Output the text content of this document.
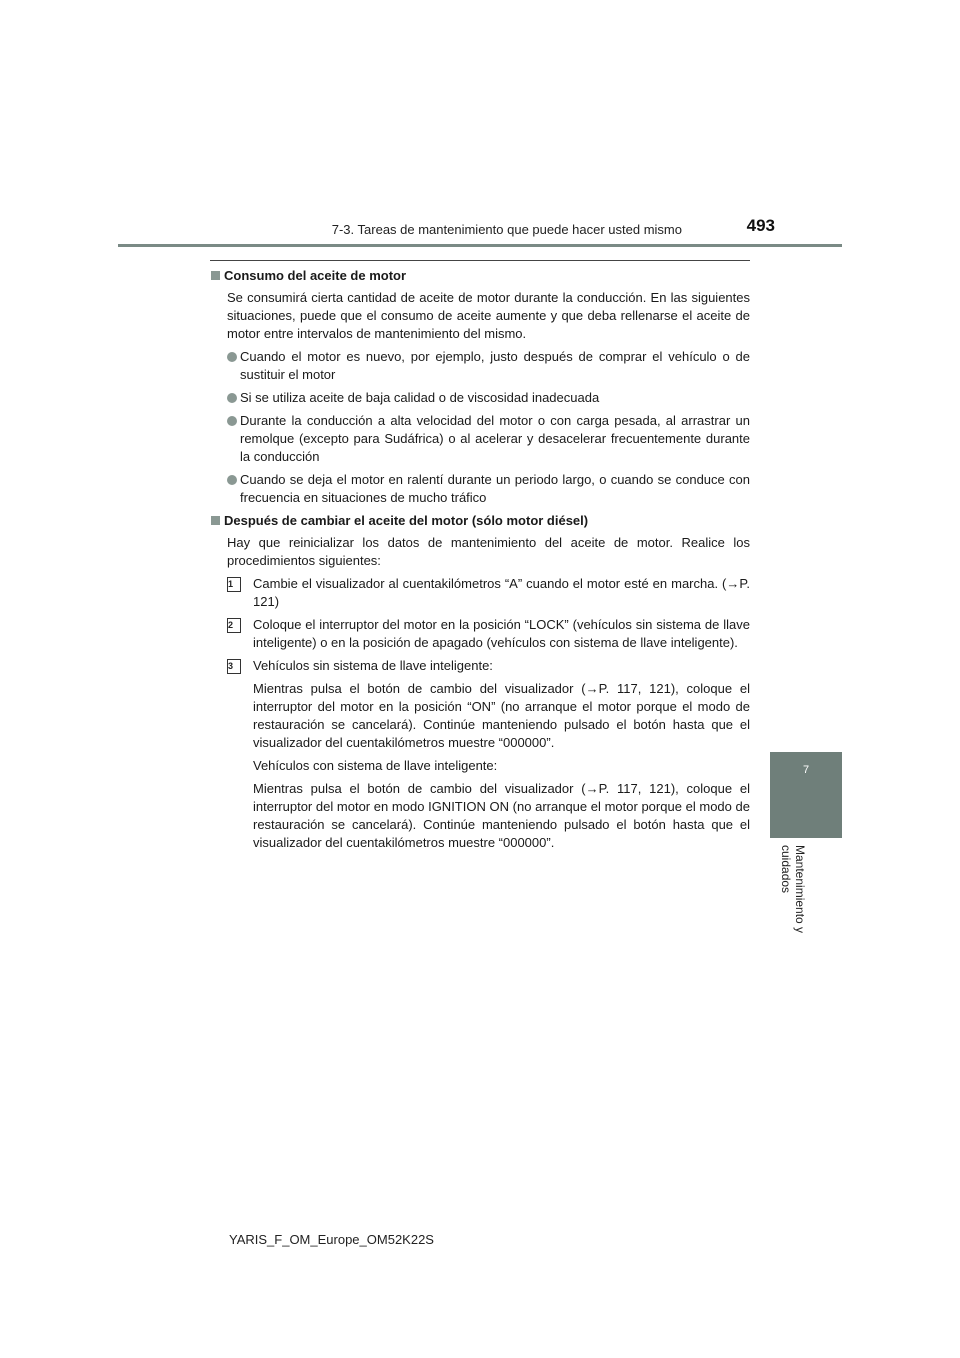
7-3. Tareas de mantenimiento que puede hacer usted mismo	493
7
Mantenimiento y cuidados
Consumo del aceite de motor

Se consumirá cierta cantidad de aceite de motor durante la conducción. En las siguientes situaciones, puede que el consumo de aceite aumente y que deba rellenarse el aceite de motor entre intervalos de mantenimiento del mismo.

Cuando el motor es nuevo, por ejemplo, justo después de comprar el vehículo o de sustituir el motor
Si se utiliza aceite de baja calidad o de viscosidad inadecuada
Durante la conducción a alta velocidad del motor o con carga pesada, al arrastrar un remolque (excepto para Sudáfrica) o al acelerar y desacelerar frecuentemente durante la conducción
Cuando se deja el motor en ralentí durante un periodo largo, o cuando se conduce con frecuencia en situaciones de mucho tráfico
Después de cambiar el aceite del motor (sólo motor diésel)

Hay que reinicializar los datos de mantenimiento del aceite de motor. Realice los procedimientos siguientes:

1	Cambie el visualizador al cuentakilómetros “A” cuando el motor esté en marcha. (→P. 121)
2	Coloque el interruptor del motor en la posición “LOCK” (vehículos sin sistema de llave inteligente) o en la posición de apagado (vehículos con sistema de llave inteligente).
3	Vehículos sin sistema de llave inteligente:

Mientras pulsa el botón de cambio del visualizador (→P. 117, 121), coloque el interruptor del motor en la posición “ON” (no arranque el motor porque el modo de restauración se cancelará). Continúe manteniendo pulsado el botón hasta que el visualizador del cuentakilómetros muestre “000000”.

Vehículos con sistema de llave inteligente:

Mientras pulsa el botón de cambio del visualizador (→P. 117, 121), coloque el interruptor del motor en modo IGNITION ON (no arranque el motor porque el modo de restauración se cancelará). Continúe manteniendo pulsado el botón hasta que el visualizador del cuentakilómetros muestre “000000”.

YARIS_F_OM_Europe_OM52K22S
